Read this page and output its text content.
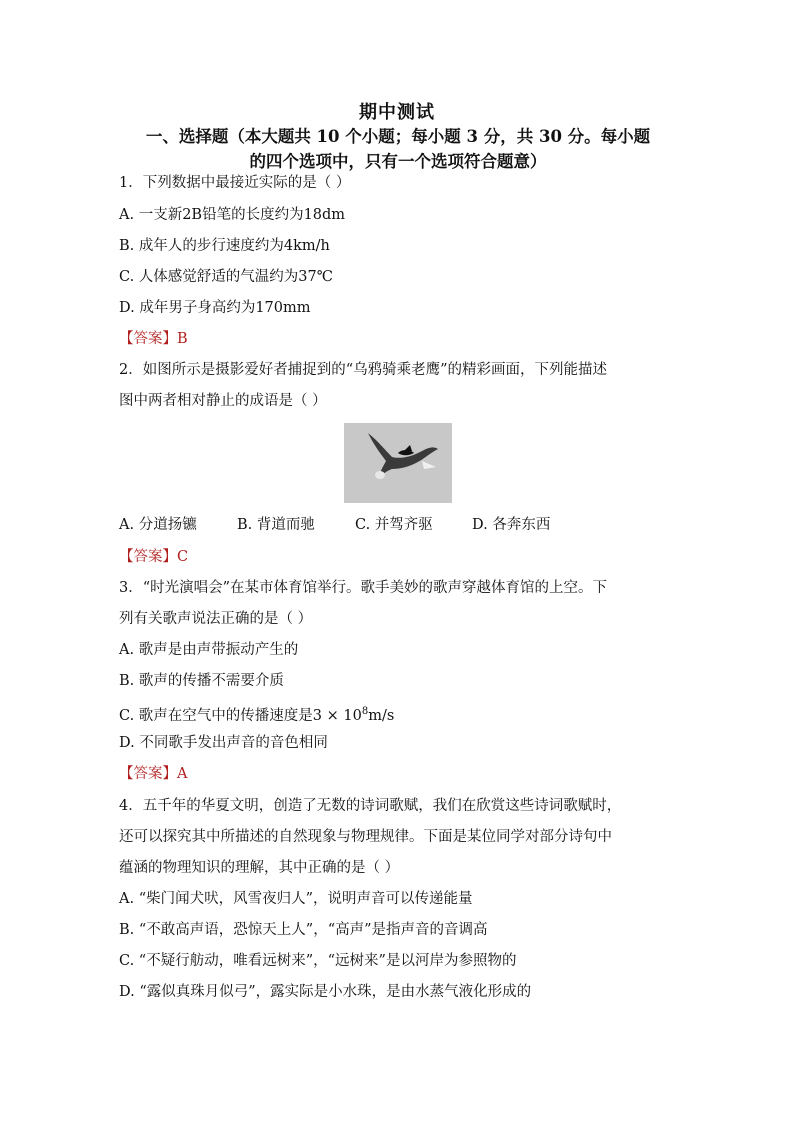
期中测试
一、选择题（本大题共 10 个小题；每小题 3 分，共 30 分。每小题
的四个选项中，只有一个选项符合题意）
1．下列数据中最接近实际的是（ ）
A. 一支新2B铅笔的长度约为18dm
B. 成年人的步行速度约为4km/h
C. 人体感觉舒适的气温约为37℃
D. 成年男子身高约为170mm
【答案】B
2．如图所示是摄影爱好者捕捉到的“乌鸦骑乘老鹰”的精彩画面，下列能描述
图中两者相对静止的成语是（ ）
A. 分道扬镳	B. 背道而驰	C. 并驾齐驱	D. 各奔东西
【答案】C
3．“时光演唱会”在某市体育馆举行。歌手美妙的歌声穿越体育馆的上空。下
列有关歌声说法正确的是（ ）
A. 歌声是由声带振动产生的
B. 歌声的传播不需要介质
C. 歌声在空气中的传播速度是$3 \times 10^8m/s$
D. 不同歌手发出声音的音色相同
【答案】A
4．五千年的华夏文明，创造了无数的诗词歌赋，我们在欣赏这些诗词歌赋时，
还可以探究其中所描述的自然现象与物理规律。下面是某位同学对部分诗句中
蕴涵的物理知识的理解，其中正确的是（ ）
A. “柴门闻犬吠，风雪夜归人”，说明声音可以传递能量
B. “不敢高声语，恐惊天上人”，“高声”是指声音的音调高
C. “不疑行舫动，唯看远树来”，“远树来”是以河岸为参照物的
D. “露似真珠月似弓”，露实际是小水珠，是由水蒸气液化形成的
